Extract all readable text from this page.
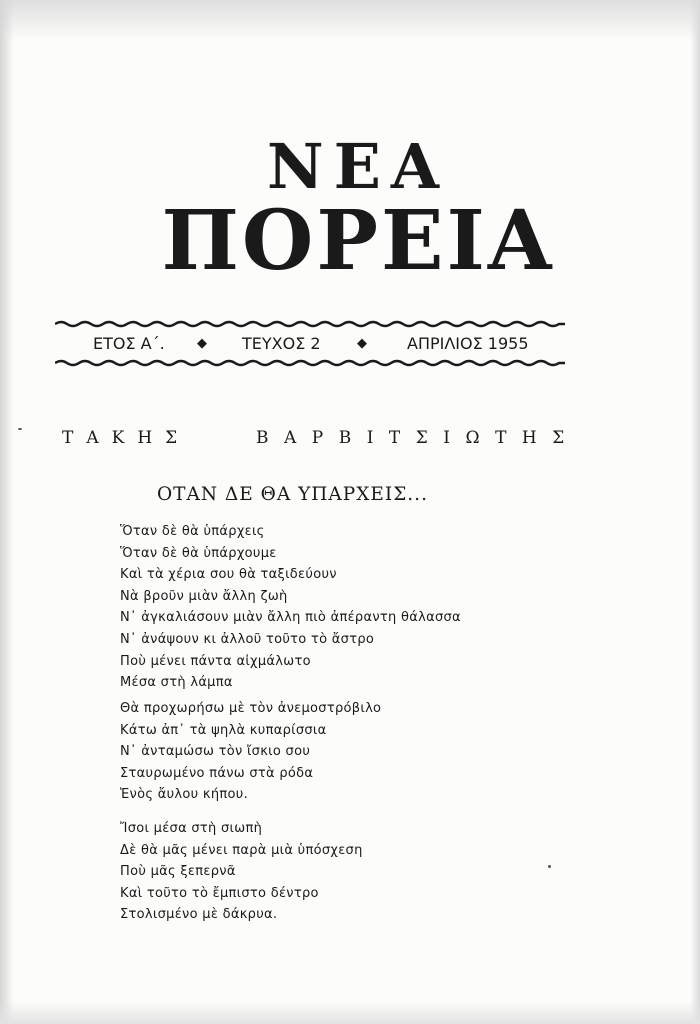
ΝΕΑ
ΠΟΡΕΙΑ
ΕΤΟΣ Α΄. ◆ ΤΕΥΧΟΣ 2	◆	ΑΠΡΙΛΙΟΣ 1955
ΤΑΚΗΣ	ΒΑΡΒΙΤΣΙΩΤΗΣ
ΟΤΑΝ ΔΕ ΘΑ ΥΠΑΡΧΕΙΣ...
Ὅταν δὲ θὰ ὑπάρχεις
Ὅταν δὲ θὰ ὑπάρχουμε
Καὶ τὰ χέρια σου θὰ ταξιδεύουν
Νὰ βροῦν μιὰν ἄλλη ζωὴ
Ν᾽ ἀγκαλιάσουν μιὰν ἄλλη πιὸ ἀπέραντη θάλασσα
Ν᾽ ἀνάψουν κι ἀλλοῦ τοῦτο τὸ ἄστρο
Ποὺ μένει πάντα αἰχμάλωτο
Μέσα στὴ λάμπα
Θὰ προχωρήσω μὲ τὸν ἀνεμοστρόβιλο
Κάτω ἀπ᾽ τὰ ψηλὰ κυπαρίσσια
Ν᾽ ἀνταμώσω τὸν ἴσκιο σου
Σταυρωμένο πάνω στὰ ρόδα
Ἑνὸς ἄυλου κήπου.
Ἴσοι μέσα στὴ σιωπὴ
Δὲ θὰ μᾶς μένει παρὰ μιὰ ὑπόσχεση
Ποὺ μᾶς ξεπερνᾶ
Καὶ τοῦτο τὸ ἔμπιστο δέντρο
Στολισμένο μὲ δάκρυα.
